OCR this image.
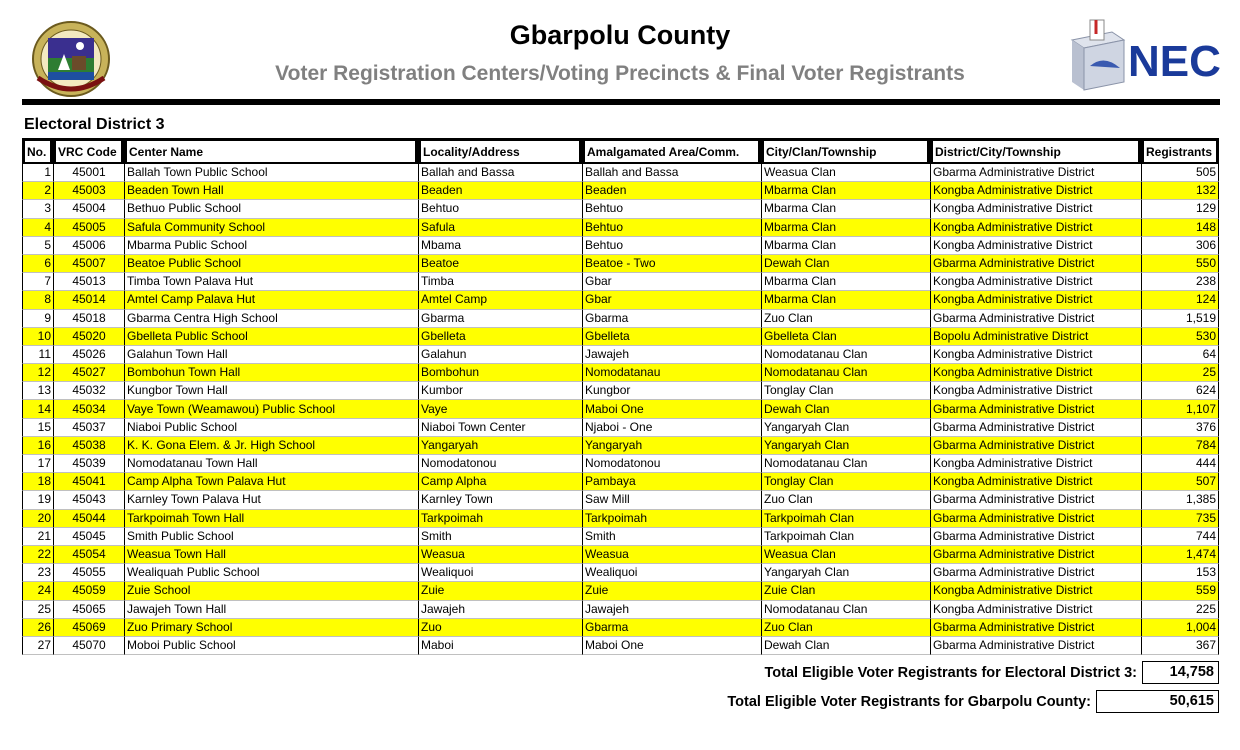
Gbarpolu County
Voter Registration Centers/Voting Precincts & Final Voter Registrants	NEC
Electoral District 3
No.	VRC Code	Center Name	Locality/Address	Amalgamated Area/Comm.	City/Clan/Township	District/City/Township	Registrants
1	45001	Ballah Town Public School	Ballah and Bassa	Ballah and Bassa	Weasua Clan	Gbarma Administrative District	505
2	45003	Beaden Town Hall	Beaden	Beaden	Mbarma Clan	Kongba Administrative District	132
3	45004	Bethuo Public School	Behtuo	Behtuo	Mbarma Clan	Kongba Administrative District	129
4	45005	Safula Community School	Safula	Behtuo	Mbarma Clan	Kongba Administrative District	148
5	45006	Mbarma Public School	Mbama	Behtuo	Mbarma Clan	Kongba Administrative District	306
6	45007	Beatoe Public School	Beatoe	Beatoe - Two	Dewah Clan	Gbarma Administrative District	550
7	45013	Timba Town Palava Hut	Timba	Gbar	Mbarma Clan	Kongba Administrative District	238
8	45014	Amtel Camp Palava Hut	Amtel Camp	Gbar	Mbarma Clan	Kongba Administrative District	124
9	45018	Gbarma Centra High School	Gbarma	Gbarma	Zuo Clan	Gbarma Administrative District	1,519
10	45020	Gbelleta Public School	Gbelleta	Gbelleta	Gbelleta Clan	Bopolu Administrative District	530
11	45026	Galahun Town Hall	Galahun	Jawajeh	Nomodatanau Clan	Kongba Administrative District	64
12	45027	Bombohun Town Hall	Bombohun	Nomodatanau	Nomodatanau Clan	Kongba Administrative District	25
13	45032	Kungbor Town Hall	Kumbor	Kungbor	Tonglay Clan	Kongba Administrative District	624
14	45034	Vaye Town (Weamawou) Public School	Vaye	Maboi One	Dewah Clan	Gbarma Administrative District	1,107
15	45037	Niaboi Public School	Niaboi Town Center	Njaboi - One	Yangaryah Clan	Gbarma Administrative District	376
16	45038	K. K. Gona Elem. & Jr. High School	Yangaryah	Yangaryah	Yangaryah Clan	Gbarma Administrative District	784
17	45039	Nomodatanau Town Hall	Nomodatonou	Nomodatonou	Nomodatanau Clan	Kongba Administrative District	444
18	45041	Camp Alpha Town Palava Hut	Camp Alpha	Pambaya	Tonglay Clan	Kongba Administrative District	507
19	45043	Karnley Town Palava Hut	Karnley Town	Saw Mill	Zuo Clan	Gbarma Administrative District	1,385
20	45044	Tarkpoimah Town Hall	Tarkpoimah	Tarkpoimah	Tarkpoimah Clan	Gbarma Administrative District	735
21	45045	Smith Public School	Smith	Smith	Tarkpoimah Clan	Gbarma Administrative District	744
22	45054	Weasua Town Hall	Weasua	Weasua	Weasua Clan	Gbarma Administrative District	1,474
23	45055	Wealiquah Public School	Wealiquoi	Wealiquoi	Yangaryah Clan	Gbarma Administrative District	153
24	45059	Zuie School	Zuie	Zuie	Zuie Clan	Kongba Administrative District	559
25	45065	Jawajeh Town Hall	Jawajeh	Jawajeh	Nomodatanau Clan	Kongba Administrative District	225
26	45069	Zuo Primary School	Zuo	Gbarma	Zuo Clan	Gbarma Administrative District	1,004
27	45070	Moboi Public School	Maboi	Maboi One	Dewah Clan	Gbarma Administrative District	367
Total Eligible Voter Registrants for Electoral District 3:	14,758
Total Eligible Voter Registrants for Gbarpolu County:	50,615
